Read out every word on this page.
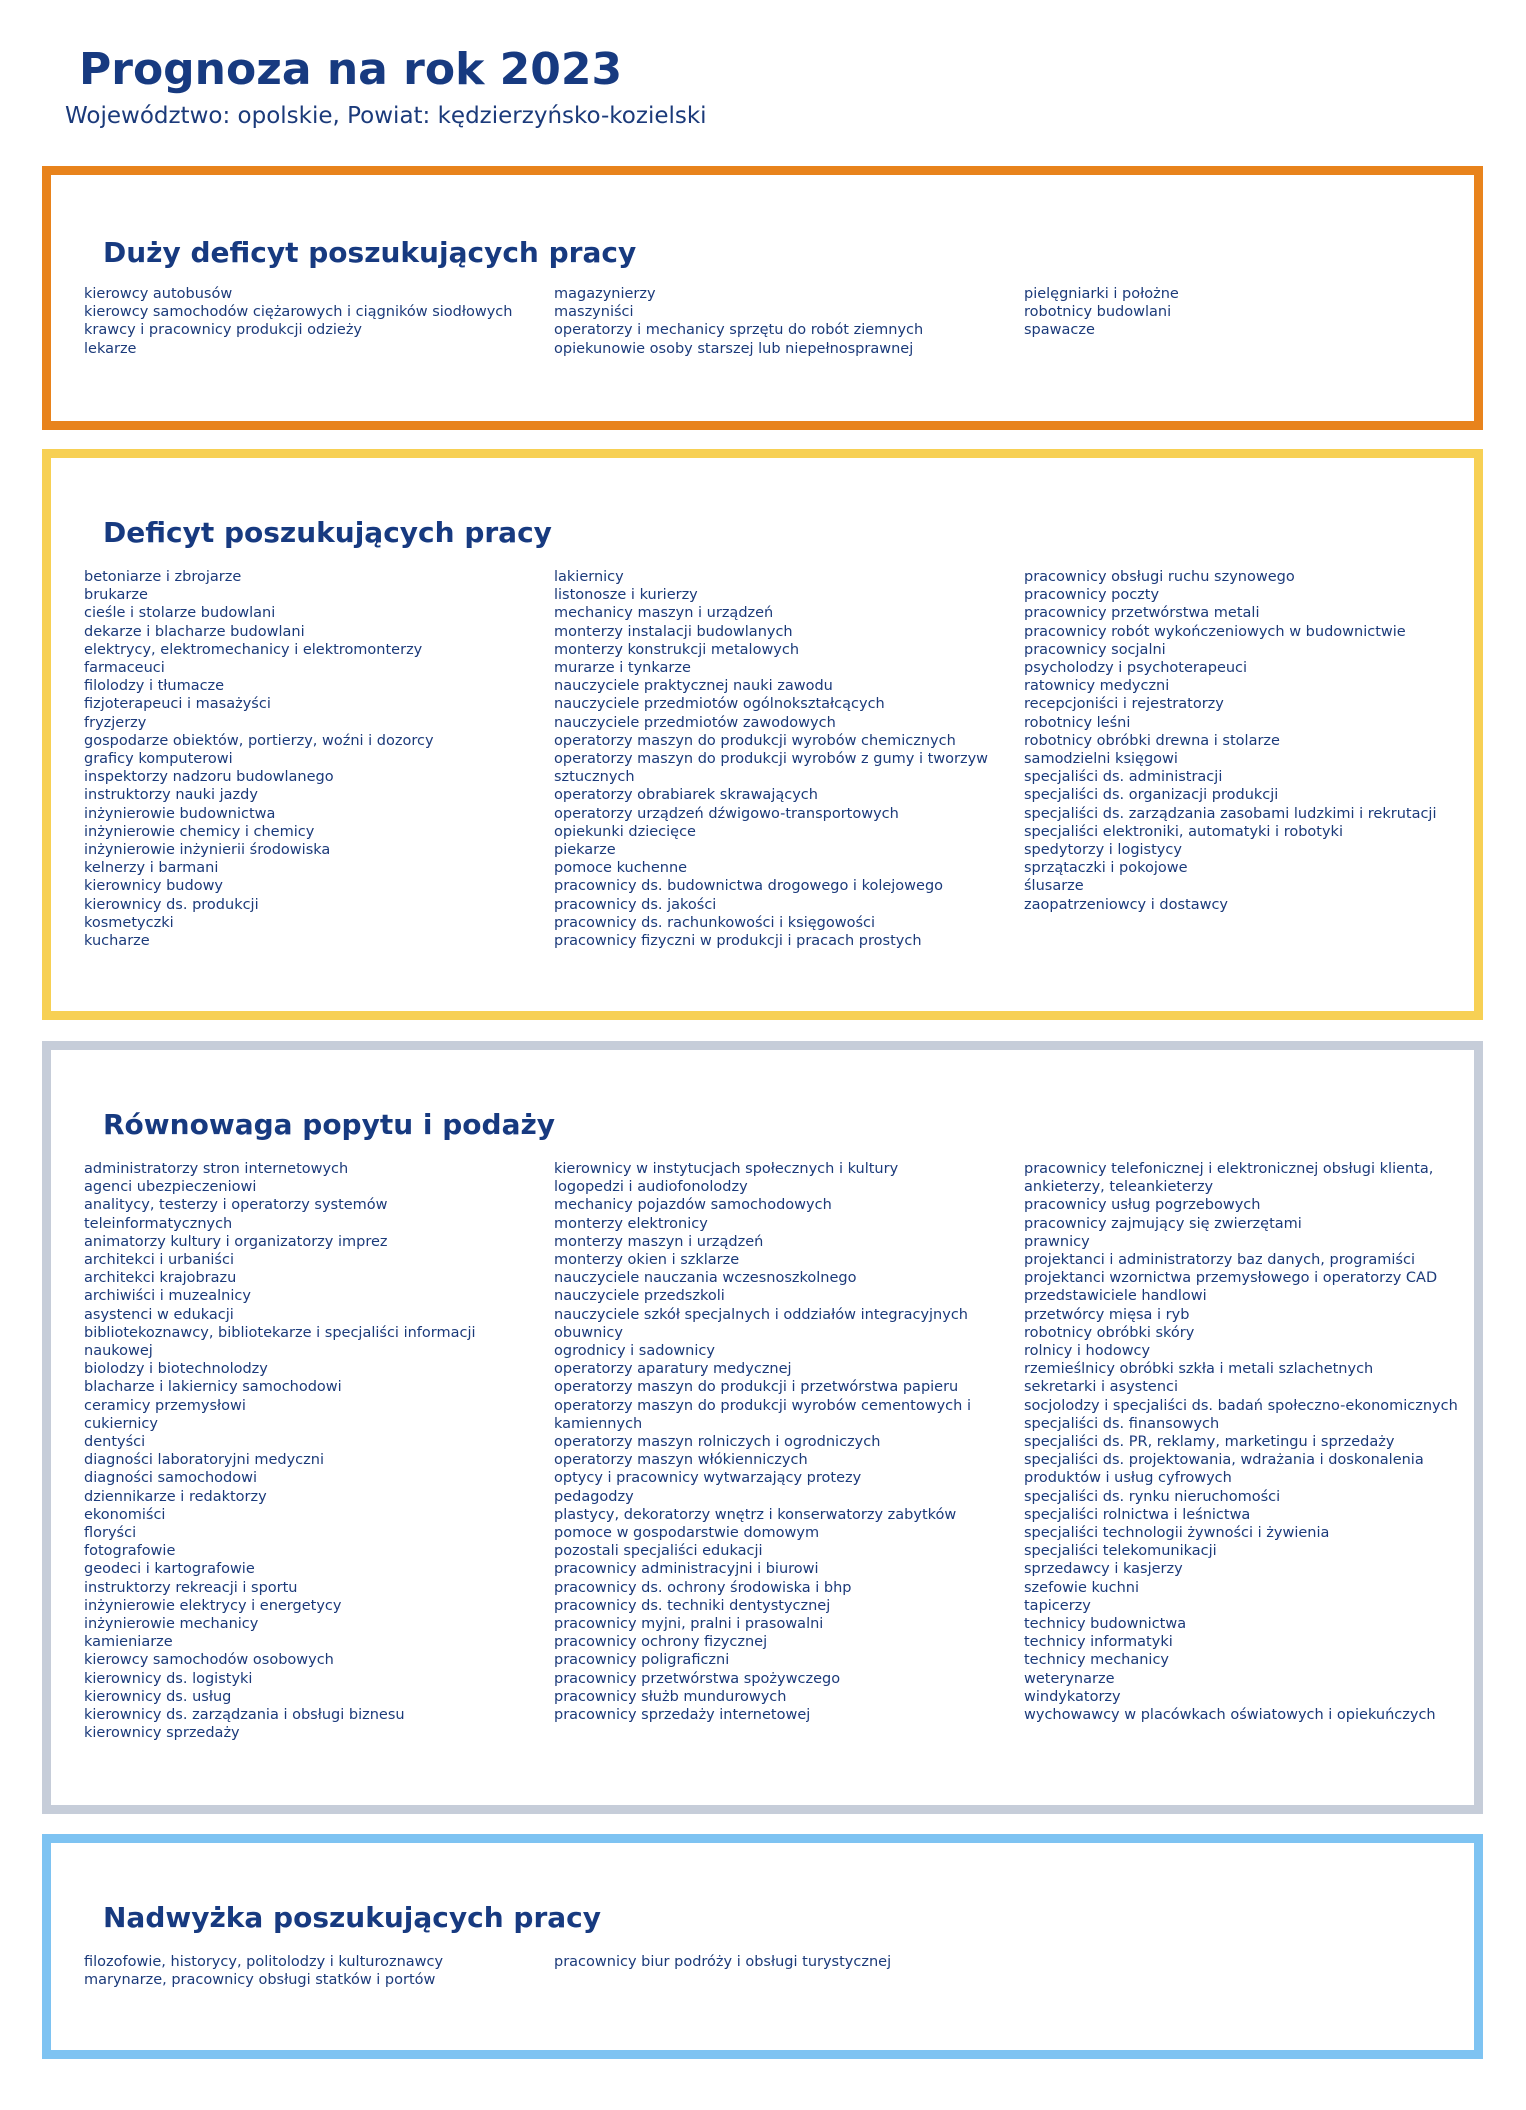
Prognoza na rok 2023

Województwo: opolskie, Powiat: kędzierzyńsko-kozielski

Duży deficyt poszukujących pracy
kierowcy autobusów
kierowcy samochodów ciężarowych i ciągników siodłowych
krawcy i pracownicy produkcji odzieży
lekarze
magazynierzy
maszyniści
operatorzy i mechanicy sprzętu do robót ziemnych
opiekunowie osoby starszej lub niepełnosprawnej
pielęgniarki i położne
robotnicy budowlani
spawacze
Deficyt poszukujących pracy
betoniarze i zbrojarze
brukarze
cieśle i stolarze budowlani
dekarze i blacharze budowlani
elektrycy, elektromechanicy i elektromonterzy
farmaceuci
filolodzy i tłumacze
fizjoterapeuci i masażyści
fryzjerzy
gospodarze obiektów, portierzy, woźni i dozorcy
graficy komputerowi
inspektorzy nadzoru budowlanego
instruktorzy nauki jazdy
inżynierowie budownictwa
inżynierowie chemicy i chemicy
inżynierowie inżynierii środowiska
kelnerzy i barmani
kierownicy budowy
kierownicy ds. produkcji
kosmetyczki
kucharze
lakiernicy
listonosze i kurierzy
mechanicy maszyn i urządzeń
monterzy instalacji budowlanych
monterzy konstrukcji metalowych
murarze i tynkarze
nauczyciele praktycznej nauki zawodu
nauczyciele przedmiotów ogólnokształcących
nauczyciele przedmiotów zawodowych
operatorzy maszyn do produkcji wyrobów chemicznych
operatorzy maszyn do produkcji wyrobów z gumy i tworzyw
sztucznych
operatorzy obrabiarek skrawających
operatorzy urządzeń dźwigowo-transportowych
opiekunki dziecięce
piekarze
pomoce kuchenne
pracownicy ds. budownictwa drogowego i kolejowego
pracownicy ds. jakości
pracownicy ds. rachunkowości i księgowości
pracownicy fizyczni w produkcji i pracach prostych
pracownicy obsługi ruchu szynowego
pracownicy poczty
pracownicy przetwórstwa metali
pracownicy robót wykończeniowych w budownictwie
pracownicy socjalni
psycholodzy i psychoterapeuci
ratownicy medyczni
recepcjoniści i rejestratorzy
robotnicy leśni
robotnicy obróbki drewna i stolarze
samodzielni księgowi
specjaliści ds. administracji
specjaliści ds. organizacji produkcji
specjaliści ds. zarządzania zasobami ludzkimi i rekrutacji
specjaliści elektroniki, automatyki i robotyki
spedytorzy i logistycy
sprzątaczki i pokojowe
ślusarze
zaopatrzeniowcy i dostawcy
Równowaga popytu i podaży
administratorzy stron internetowych
agenci ubezpieczeniowi
analitycy, testerzy i operatorzy systemów
teleinformatycznych
animatorzy kultury i organizatorzy imprez
architekci i urbaniści
architekci krajobrazu
archiwiści i muzealnicy
asystenci w edukacji
bibliotekoznawcy, bibliotekarze i specjaliści informacji
naukowej
biolodzy i biotechnolodzy
blacharze i lakiernicy samochodowi
ceramicy przemysłowi
cukiernicy
dentyści
diagności laboratoryjni medyczni
diagności samochodowi
dziennikarze i redaktorzy
ekonomiści
floryści
fotografowie
geodeci i kartografowie
instruktorzy rekreacji i sportu
inżynierowie elektrycy i energetycy
inżynierowie mechanicy
kamieniarze
kierowcy samochodów osobowych
kierownicy ds. logistyki
kierownicy ds. usług
kierownicy ds. zarządzania i obsługi biznesu
kierownicy sprzedaży
kierownicy w instytucjach społecznych i kultury
logopedzi i audiofonolodzy
mechanicy pojazdów samochodowych
monterzy elektronicy
monterzy maszyn i urządzeń
monterzy okien i szklarze
nauczyciele nauczania wczesnoszkolnego
nauczyciele przedszkoli
nauczyciele szkół specjalnych i oddziałów integracyjnych
obuwnicy
ogrodnicy i sadownicy
operatorzy aparatury medycznej
operatorzy maszyn do produkcji i przetwórstwa papieru
operatorzy maszyn do produkcji wyrobów cementowych i
kamiennych
operatorzy maszyn rolniczych i ogrodniczych
operatorzy maszyn włókienniczych
optycy i pracownicy wytwarzający protezy
pedagodzy
plastycy, dekoratorzy wnętrz i konserwatorzy zabytków
pomoce w gospodarstwie domowym
pozostali specjaliści edukacji
pracownicy administracyjni i biurowi
pracownicy ds. ochrony środowiska i bhp
pracownicy ds. techniki dentystycznej
pracownicy myjni, pralni i prasowalni
pracownicy ochrony fizycznej
pracownicy poligraficzni
pracownicy przetwórstwa spożywczego
pracownicy służb mundurowych
pracownicy sprzedaży internetowej
pracownicy telefonicznej i elektronicznej obsługi klienta,
ankieterzy, teleankieterzy
pracownicy usług pogrzebowych
pracownicy zajmujący się zwierzętami
prawnicy
projektanci i administratorzy baz danych, programiści
projektanci wzornictwa przemysłowego i operatorzy CAD
przedstawiciele handlowi
przetwórcy mięsa i ryb
robotnicy obróbki skóry
rolnicy i hodowcy
rzemieślnicy obróbki szkła i metali szlachetnych
sekretarki i asystenci
socjolodzy i specjaliści ds. badań społeczno-ekonomicznych
specjaliści ds. finansowych
specjaliści ds. PR, reklamy, marketingu i sprzedaży
specjaliści ds. projektowania, wdrażania i doskonalenia
produktów i usług cyfrowych
specjaliści ds. rynku nieruchomości
specjaliści rolnictwa i leśnictwa
specjaliści technologii żywności i żywienia
specjaliści telekomunikacji
sprzedawcy i kasjerzy
szefowie kuchni
tapicerzy
technicy budownictwa
technicy informatyki
technicy mechanicy
weterynarze
windykatorzy
wychowawcy w placówkach oświatowych i opiekuńczych
Nadwyżka poszukujących pracy
filozofowie, historycy, politolodzy i kulturoznawcy
marynarze, pracownicy obsługi statków i portów
pracownicy biur podróży i obsługi turystycznej
